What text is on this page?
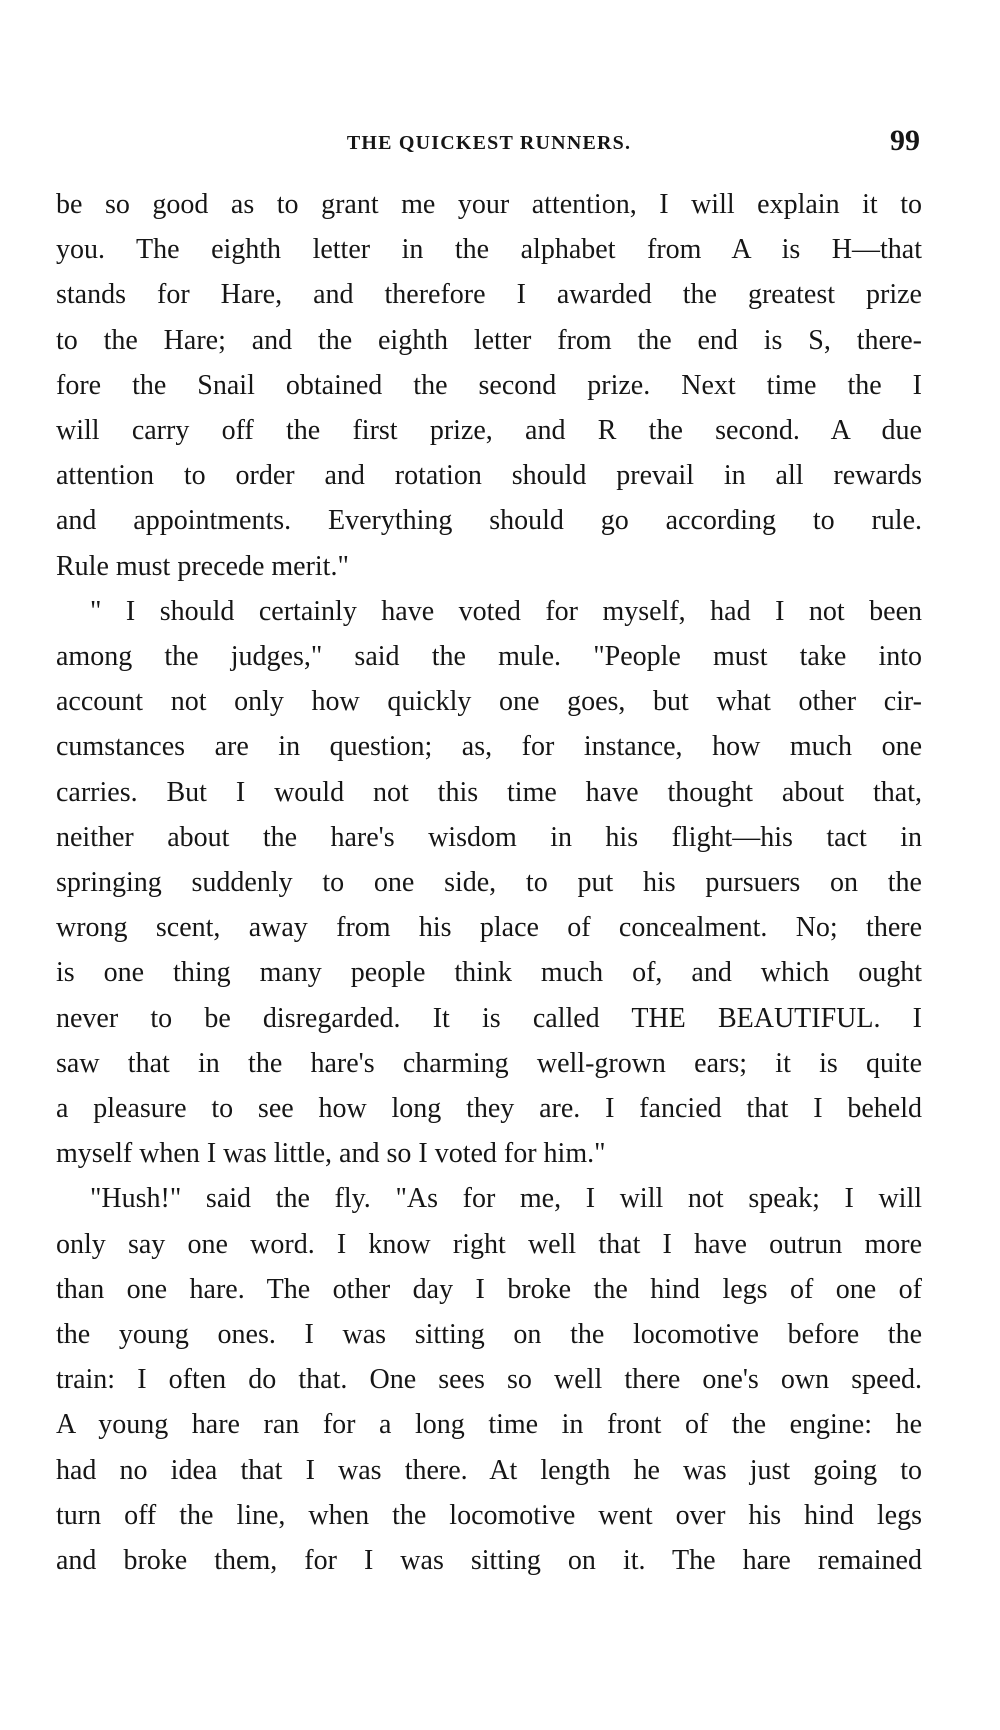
THE QUICKEST RUNNERS.	99

be so good as to grant me your attention, I will explain it to
you. The eighth letter in the alphabet from A is H—that
stands for Hare, and therefore I awarded the greatest prize
to the Hare; and the eighth letter from the end is S, there-
fore the Snail obtained the second prize. Next time the I
will carry off the first prize, and R the second. A due
attention to order and rotation should prevail in all rewards
and appointments. Everything should go according to rule.
Rule must precede merit."

" I should certainly have voted for myself, had I not been
among the judges," said the mule. "People must take into
account not only how quickly one goes, but what other cir-
cumstances are in question; as, for instance, how much one
carries. But I would not this time have thought about that,
neither about the hare's wisdom in his flight—his tact in
springing suddenly to one side, to put his pursuers on the
wrong scent, away from his place of concealment. No; there
is one thing many people think much of, and which ought
never to be disregarded. It is called THE BEAUTIFUL. I
saw that in the hare's charming well-grown ears; it is quite
a pleasure to see how long they are. I fancied that I beheld
myself when I was little, and so I voted for him."

"Hush!" said the fly. "As for me, I will not speak; I will
only say one word. I know right well that I have outrun more
than one hare. The other day I broke the hind legs of one of
the young ones. I was sitting on the locomotive before the
train: I often do that. One sees so well there one's own speed.
A young hare ran for a long time in front of the engine: he
had no idea that I was there. At length he was just going to
turn off the line, when the locomotive went over his hind legs
and broke them, for I was sitting on it. The hare remained
